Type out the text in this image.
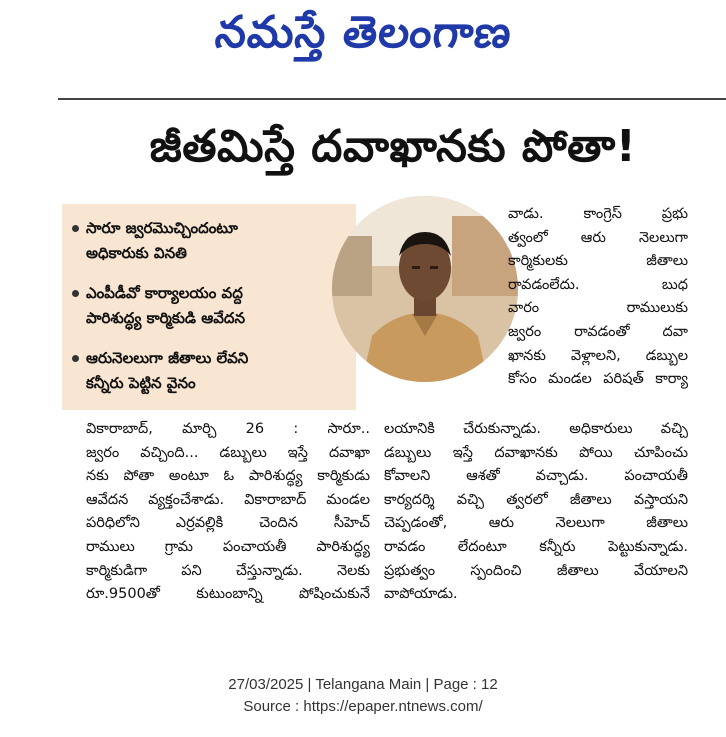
నమస్తే తెలంగాణ
జీతమిస్తే దవాఖానకు పోతా!
సారూ జ్వరమొచ్చిందంటూ
అధికారుకు వినతి
ఎంపీడీవో కార్యాలయం వద్ద
పారిశుద్ధ్య కార్మికుడి ఆవేదన
ఆరునెలలుగా జీతాలు లేవని
కన్నీరు పెట్టిన వైనం
వాడు. కాంగ్రెస్ ప్రభు
త్వంలో ఆరు నెలలుగా
కార్మికులకు జీతాలు
రావడంలేదు. బుధ
వారం రాములుకు
జ్వరం రావడంతో దవా
ఖానకు వెళ్లాలని, డబ్బుల
కోసం మండల పరిషత్ కార్యా
వికారాబాద్, మార్చి 26 : సారూ..
జ్వరం వచ్చింది... డబ్బులు ఇస్తే దవాఖా
నకు పోతా అంటూ ఓ పారిశుద్ధ్య కార్మికుడు
ఆవేదన వ్యక్తంచేశాడు. వికారాబాద్ మండల
పరిధిలోని ఎర్రవల్లికి చెందిన సీహెచ్
రాములు గ్రామ పంచాయతీ పారిశుద్ధ్య
కార్మికుడిగా పని చేస్తున్నాడు. నెలకు
రూ.9500తో కుటుంబాన్ని పోషించుకునే
లయానికి చేరుకున్నాడు. అధికారులు వచ్చి
డబ్బులు ఇస్తే దవాఖానకు పోయి చూపించు
కోవాలని ఆశతో వచ్చాడు. పంచాయతీ
కార్యదర్శి వచ్చి త్వరలో జీతాలు వస్తాయని
చెప్పడంతో, ఆరు నెలలుగా జీతాలు
రావడం లేదంటూ కన్నీరు పెట్టుకున్నాడు.
ప్రభుత్వం స్పందించి జీతాలు వేయాలని
వాపోయాడు.
27/03/2025 | Telangana Main | Page : 12
Source : https://epaper.ntnews.com/
